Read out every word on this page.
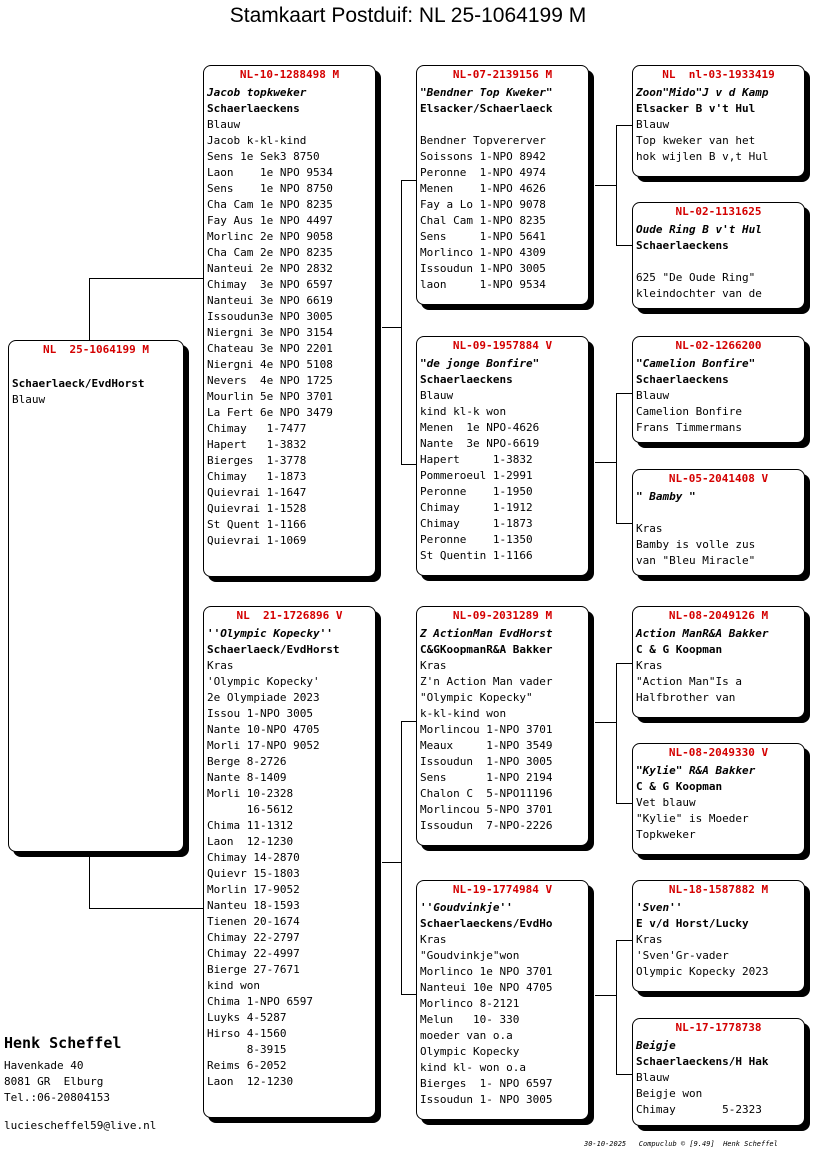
Stamkaart Postduif: NL 25-1064199 M
NL  25-1064199 M
Schaerlaeck/EvdHorst
Blauw
NL-10-1288498 M
Jacob topkweker
Schaerlaeckens
Blauw
Jacob k-kl-kind
Sens 1e Sek3 8750
Laon    1e NPO 9534
Sens    1e NPO 8750
Cha Cam 1e NPO 8235
Fay Aus 1e NPO 4497
Morlinc 2e NPO 9058
Cha Cam 2e NPO 8235
Nanteui 2e NPO 2832
Chimay  3e NPO 6597
Nanteui 3e NPO 6619
Issoudun3e NPO 3005
Niergni 3e NPO 3154
Chateau 3e NPO 2201
Niergni 4e NPO 5108
Nevers  4e NPO 1725
Mourlin 5e NPO 3701
La Fert 6e NPO 3479
Chimay   1-7477
Hapert   1-3832
Bierges  1-3778
Chimay   1-1873
Quievrai 1-1647
Quievrai 1-1528
St Quent 1-1166
Quievrai 1-1069
NL  21-1726896 V
''Olympic Kopecky''
Schaerlaeck/EvdHorst
Kras
'Olympic Kopecky'
2e Olympiade 2023
Issou 1-NPO 3005
Nante 10-NPO 4705
Morli 17-NPO 9052
Berge 8-2726
Nante 8-1409
Morli 10-2328
16-5612
Chima 11-1312
Laon  12-1230
Chimay 14-2870
Quievr 15-1803
Morlin 17-9052
Nanteu 18-1593
Tienen 20-1674
Chimay 22-2797
Chimay 22-4997
Bierge 27-7671
kind won
Chima 1-NPO 6597
Luyks 4-5287
Hirso 4-1560
8-3915
Reims 6-2052
Laon  12-1230
NL-07-2139156 M
"Bendner Top Kweker"
Elsacker/Schaerlaeck
Bendner Topvererver
Soissons 1-NPO 8942
Peronne  1-NPO 4974
Menen    1-NPO 4626
Fay a Lo 1-NPO 9078
Chal Cam 1-NPO 8235
Sens     1-NPO 5641
Morlinco 1-NPO 4309
Issoudun 1-NPO 3005
laon     1-NPO 9534
NL-09-1957884 V
"de jonge Bonfire"
Schaerlaeckens
Blauw
kind kl-k won
Menen  1e NPO-4626
Nante  3e NPO-6619
Hapert     1-3832
Pommeroeul 1-2991
Peronne    1-1950
Chimay     1-1912
Chimay     1-1873
Peronne    1-1350
St Quentin 1-1166
NL-09-2031289 M
Z ActionMan EvdHorst
C&GKoopmanR&A Bakker
Kras
Z'n Action Man vader
"Olympic Kopecky"
k-kl-kind won
Morlincou 1-NPO 3701
Meaux     1-NPO 3549
Issoudun  1-NPO 3005
Sens      1-NPO 2194
Chalon C  5-NPO11196
Morlincou 5-NPO 3701
Issoudun  7-NPO-2226
NL-19-1774984 V
''Goudvinkje''
Schaerlaeckens/EvdHo
Kras
"Goudvinkje"won
Morlinco 1e NPO 3701
Nanteui 10e NPO 4705
Morlinco 8-2121
Melun   10- 330
moeder van o.a
Olympic Kopecky
kind kl- won o.a
Bierges  1- NPO 6597
Issoudun 1- NPO 3005
NL  nl-03-1933419
Zoon"Mido"J v d Kamp
Elsacker B v't Hul
Blauw
Top kweker van het
hok wijlen B v,t Hul
NL-02-1131625
Oude Ring B v't Hul
Schaerlaeckens
625 "De Oude Ring"
kleindochter van de
NL-02-1266200
"Camelion Bonfire"
Schaerlaeckens
Blauw
Camelion Bonfire
Frans Timmermans
NL-05-2041408 V
" Bamby "
Kras
Bamby is volle zus
van "Bleu Miracle"
NL-08-2049126 M
Action ManR&A Bakker
C & G Koopman
Kras
"Action Man"Is a
Halfbrother van
NL-08-2049330 V
"Kylie" R&A Bakker
C & G Koopman
Vet blauw
"Kylie" is Moeder
Topkweker
NL-18-1587882 M
'Sven''
E v/d Horst/Lucky
Kras
'Sven'Gr-vader
Olympic Kopecky 2023
NL-17-1778738
Beigje
Schaerlaeckens/H Hak
Blauw
Beigje won
Chimay       5-2323
Henk Scheffel
Havenkade 40
8081 GR  Elburg
Tel.:06-20804153
luciescheffel59@live.nl
30-10-2025   Compuclub © [9.49]  Henk Scheffel
